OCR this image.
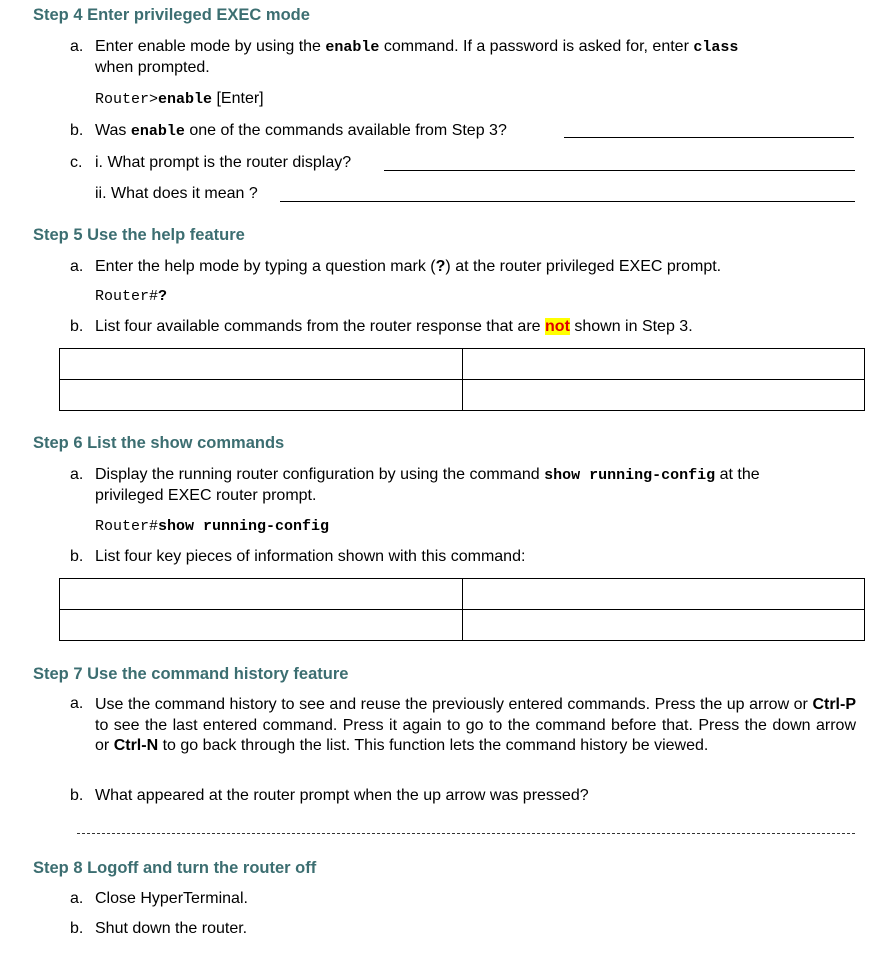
Step 4 Enter privileged EXEC mode
a. Enter enable mode by using the enable command. If a password is asked for, enter class
when prompted.
Router>enable [Enter]
b. Was enable one of the commands available from Step 3?
c. i. What prompt is the router display?
ii. What does it mean ?
Step 5 Use the help feature
a. Enter the help mode by typing a question mark (?) at the router privileged EXEC prompt.
Router#?
b. List four available commands from the router response that are not shown in Step 3.

Step 6 List the show commands
a. Display the running router configuration by using the command show running-config at the
privileged EXEC router prompt.
Router#show running-config
b. List four key pieces of information shown with this command:

Step 7 Use the command history feature
a. Use the command history to see and reuse the previously entered commands. Press the up arrow or Ctrl-P to see the last entered command. Press it again to go to the command before that. Press the down arrow or Ctrl-N to go back through the list. This function lets the command history be viewed.
b. What appeared at the router prompt when the up arrow was pressed?
Step 8 Logoff and turn the router off
a. Close HyperTerminal.
b. Shut down the router.
